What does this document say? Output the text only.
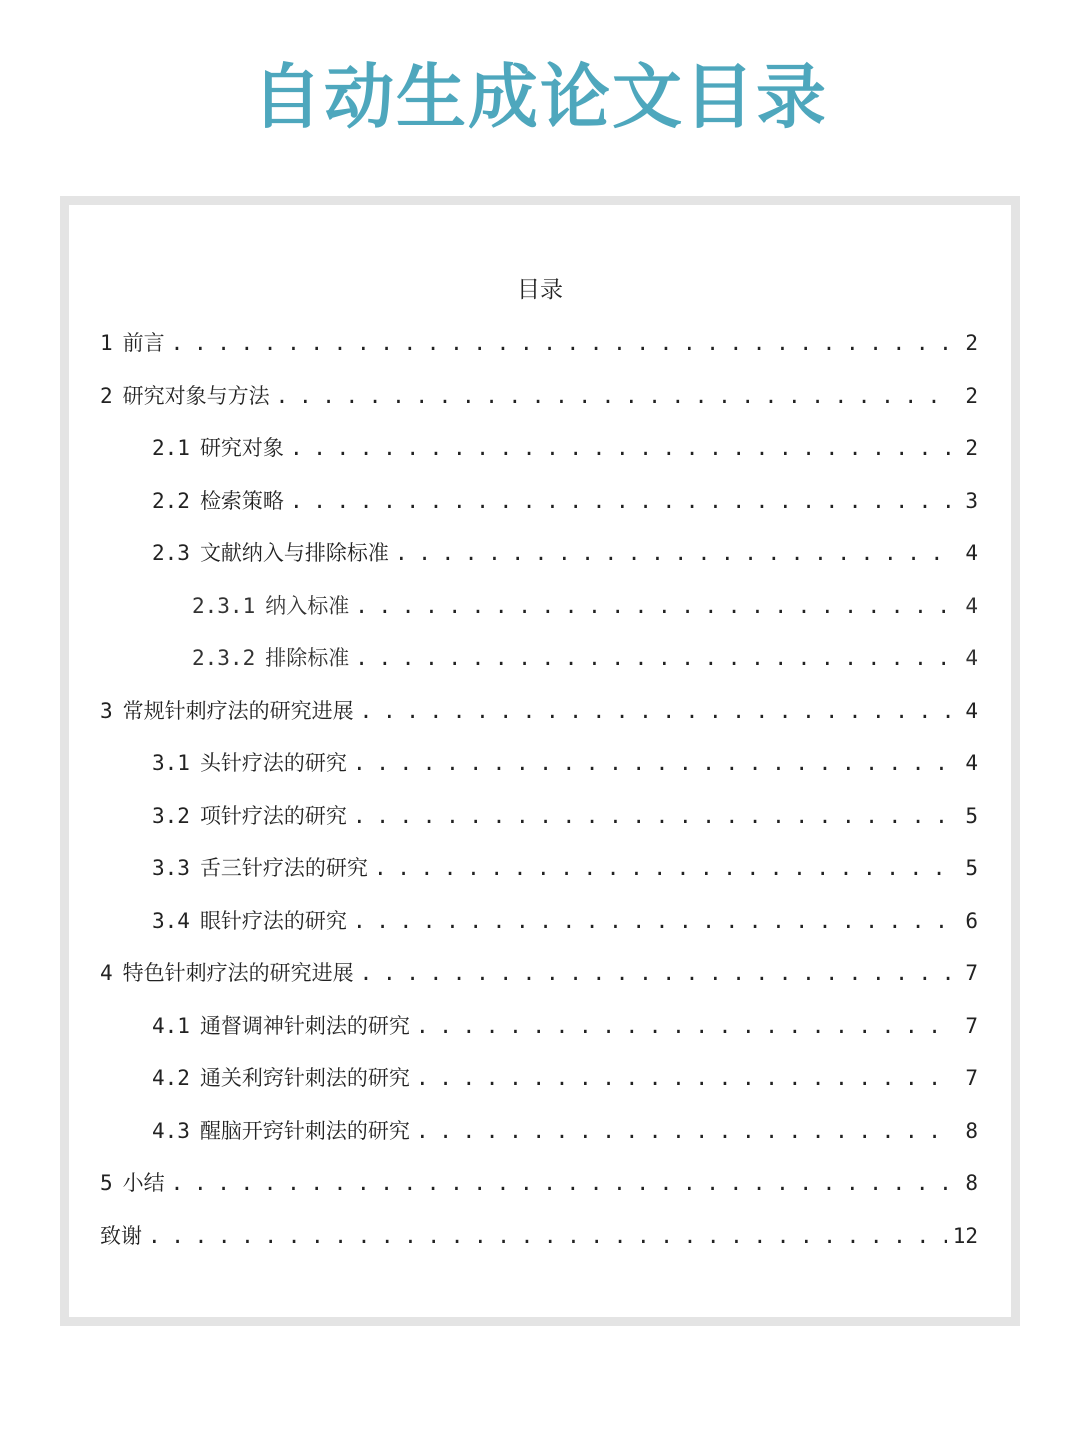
自动生成论文目录
目录
1 前言 . . .	2
2 研究对象与方法 . . .	2
2.1 研究对象 . . .	2
2.2 检索策略 . . .	3
2.3 文献纳入与排除标准 . . .	4
2.3.1 纳入标准 . . .	4
2.3.2 排除标准 . . .	4
3 常规针刺疗法的研究进展 . . .	4
3.1 头针疗法的研究 . . .	4
3.2 项针疗法的研究 . . .	5
3.3 舌三针疗法的研究 . . .	5
3.4 眼针疗法的研究 . . .	6
4 特色针刺疗法的研究进展 . . .	7
4.1 通督调神针刺法的研究 . . .	7
4.2 通关利窍针刺法的研究 . . .	7
4.3 醒脑开窍针刺法的研究 . . .	8
5 小结 . . .	8
致谢 . . .	12
